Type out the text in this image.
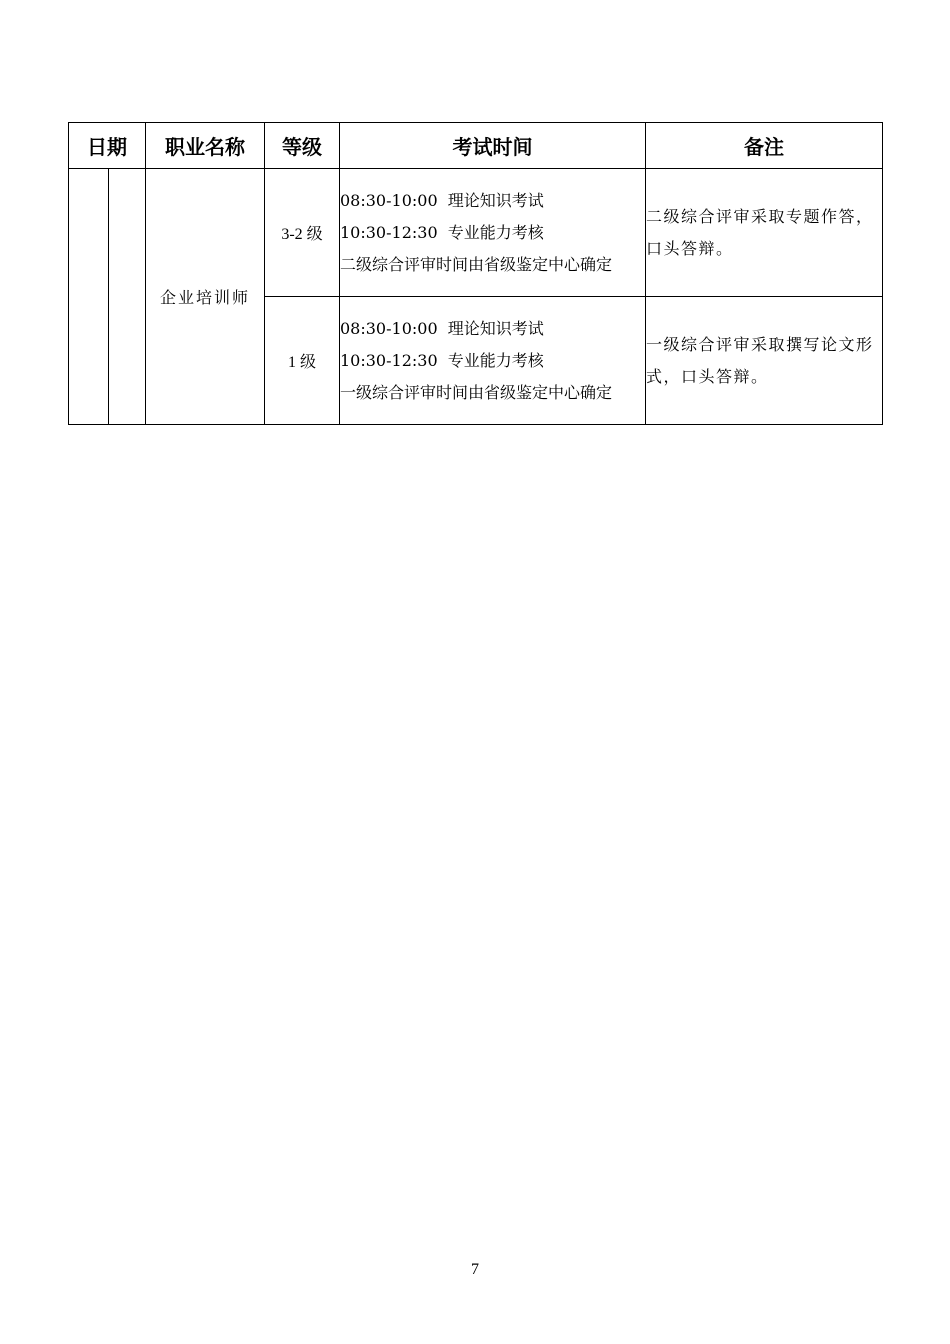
日期		职业名称	等级	考试时间	备注
		企业培训师	3-2 级	08:30-10:00  理论知识考试
10:30-12:30  专业能力考核
二级综合评审时间由省级鉴定中心确定	二级综合评审采取专题作答，口头答辩。
			1 级	08:30-10:00  理论知识考试
10:30-12:30  专业能力考核
一级综合评审时间由省级鉴定中心确定	一级综合评审采取撰写论文形式，口头答辩。
7
